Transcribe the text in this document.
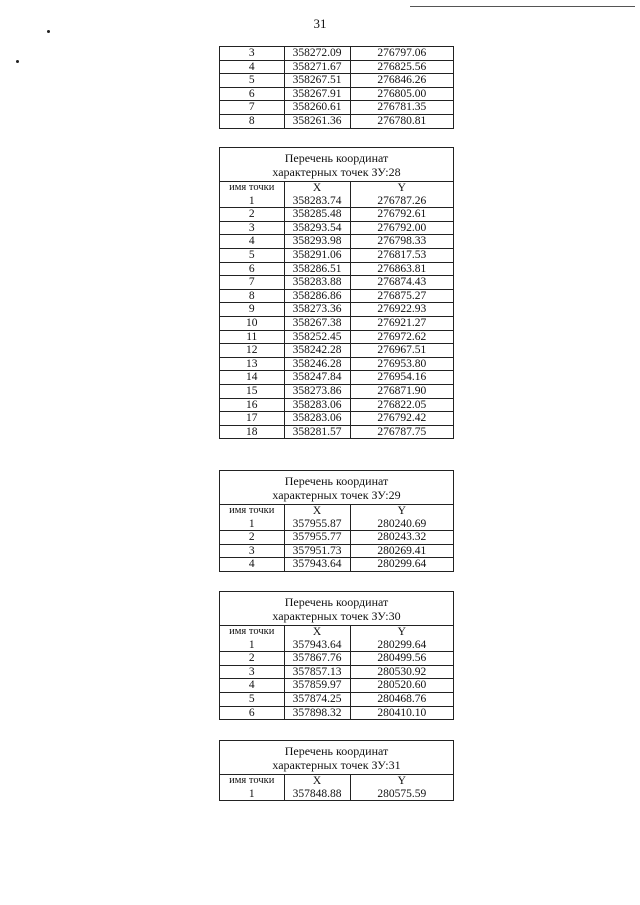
31
3	358272.09	276797.06
4	358271.67	276825.56
5	358267.51	276846.26
6	358267.91	276805.00
7	358260.61	276781.35
8	358261.36	276780.81
Перечень координат
характерных точек ЗУ:28
имя точки	X	Y
1	358283.74	276787.26
2	358285.48	276792.61
3	358293.54	276792.00
4	358293.98	276798.33
5	358291.06	276817.53
6	358286.51	276863.81
7	358283.88	276874.43
8	358286.86	276875.27
9	358273.36	276922.93
10	358267.38	276921.27
11	358252.45	276972.62
12	358242.28	276967.51
13	358246.28	276953.80
14	358247.84	276954.16
15	358273.86	276871.90
16	358283.06	276822.05
17	358283.06	276792.42
18	358281.57	276787.75
Перечень координат
характерных точек ЗУ:29
имя точки	X	Y
1	357955.87	280240.69
2	357955.77	280243.32
3	357951.73	280269.41
4	357943.64	280299.64
Перечень координат
характерных точек ЗУ:30
имя точки	X	Y
1	357943.64	280299.64
2	357867.76	280499.56
3	357857.13	280530.92
4	357859.97	280520.60
5	357874.25	280468.76
6	357898.32	280410.10
Перечень координат
характерных точек ЗУ:31
имя точки	X	Y
1	357848.88	280575.59
